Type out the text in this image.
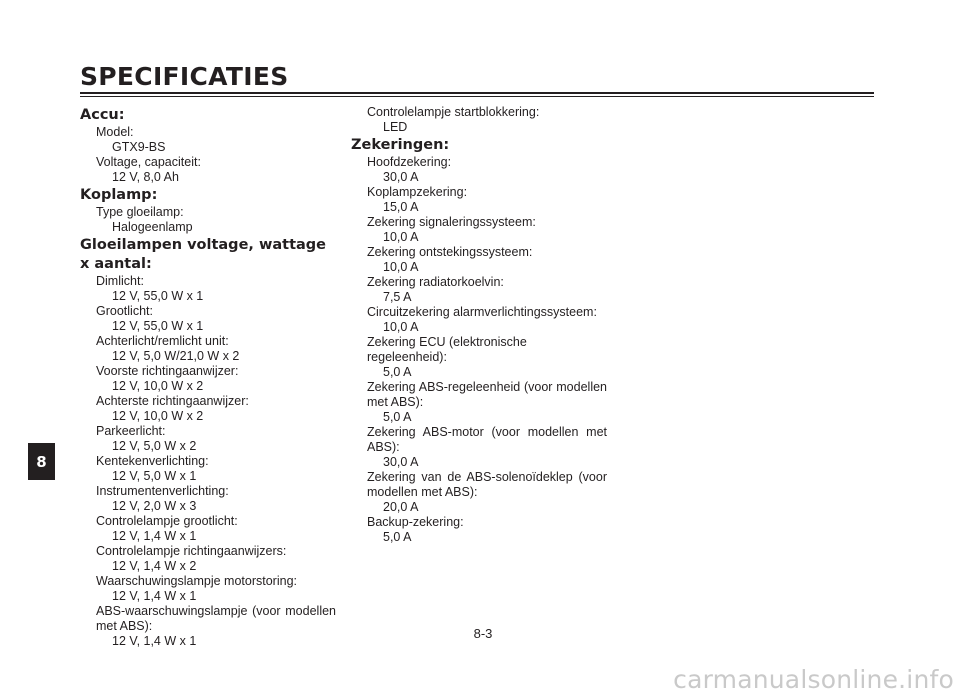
SPECIFICATIES
Accu:
Model:
GTX9-BS
Voltage, capaciteit:
12 V, 8,0 Ah
Koplamp:
Type gloeilamp:
Halogeenlamp
Gloeilampen voltage, wattage x aantal:
Dimlicht:
12 V, 55,0 W x 1
Grootlicht:
12 V, 55,0 W x 1
Achterlicht/remlicht unit:
12 V, 5,0 W/21,0 W x 2
Voorste richtingaanwijzer:
12 V, 10,0 W x 2
Achterste richtingaanwijzer:
12 V, 10,0 W x 2
Parkeerlicht:
12 V, 5,0 W x 2
Kentekenverlichting:
12 V, 5,0 W x 1
Instrumentenverlichting:
12 V, 2,0 W x 3
Controlelampje grootlicht:
12 V, 1,4 W x 1
Controlelampje richtingaanwijzers:
12 V, 1,4 W x 2
Waarschuwingslampje motorstoring:
12 V, 1,4 W x 1
ABS-waarschuwingslampje (voor modellen met ABS):
12 V, 1,4 W x 1
Controlelampje startblokkering:
LED
Zekeringen:
Hoofdzekering:
30,0 A
Koplampzekering:
15,0 A
Zekering signaleringssysteem:
10,0 A
Zekering ontstekingssysteem:
10,0 A
Zekering radiatorkoelvin:
7,5 A
Circuitzekering alarmverlichtingssysteem:
10,0 A
Zekering ECU (elektronische regeleenheid):
5,0 A
Zekering ABS-regeleenheid (voor modellen met ABS):
5,0 A
Zekering ABS-motor (voor modellen met ABS):
30,0 A
Zekering van de ABS-solenoïdeklep (voor modellen met ABS):
20,0 A
Backup-zekering:
5,0 A
8
8-3
carmanualsonline.info
